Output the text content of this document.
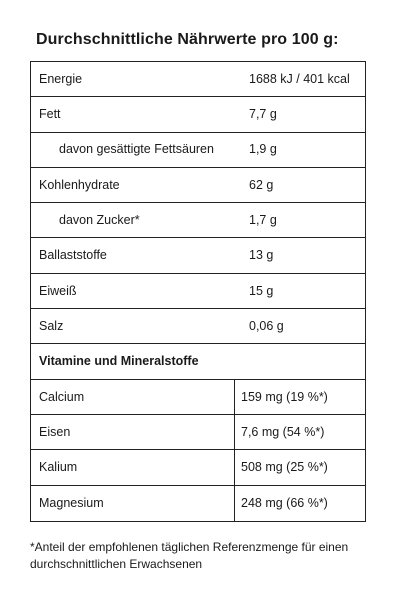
Durchschnittliche Nährwerte pro 100 g:
Energie	1688 kJ / 401 kcal
Fett	7,7 g
davon gesättigte Fettsäuren	1,9 g
Kohlenhydrate	62 g
davon Zucker*	1,7 g
Ballaststoffe	13 g
Eiweiß	15 g
Salz	0,06 g
Vitamine und Mineralstoffe
Calcium	159 mg (19 %*)
Eisen	7,6 mg (54 %*)
Kalium	508 mg (25 %*)
Magnesium	248 mg (66 %*)
*Anteil der empfohlenen täglichen Referenzmenge für einen durchschnittlichen Erwachsenen
